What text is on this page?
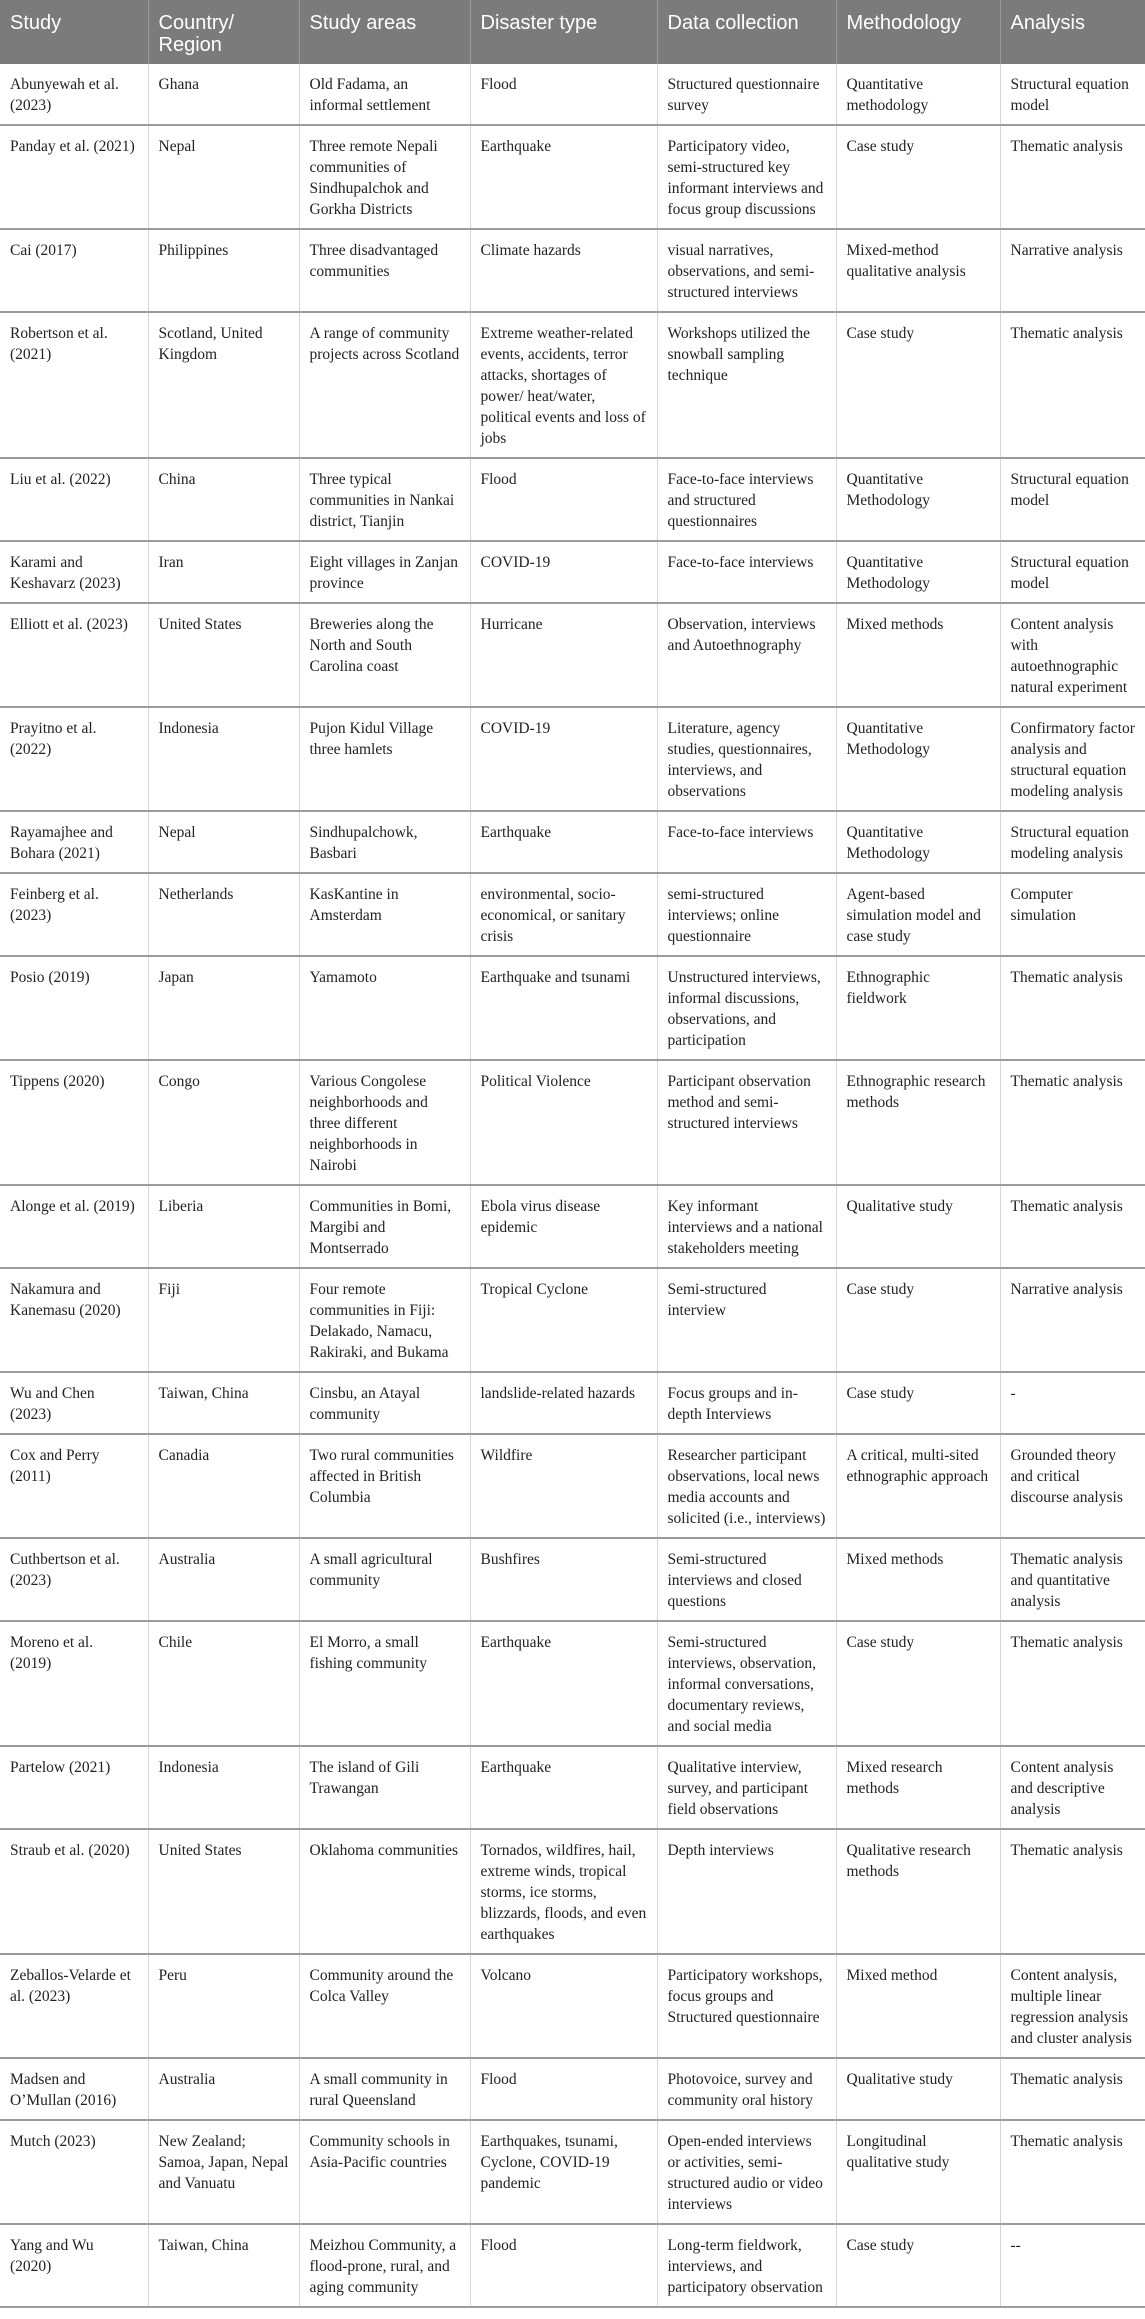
Study	Country/ Region	Study areas	Disaster type	Data collection	Methodology	Analysis
Abunyewah et al. (2023)	Ghana	Old Fadama, an informal settlement	Flood	Structured questionnaire survey	Quantitative methodology	Structural equation model
Panday et al. (2021)	Nepal	Three remote Nepali communities of Sindhupalchok and Gorkha Districts	Earthquake	Participatory video, semi-structured key informant interviews and focus group discussions	Case study	Thematic analysis
Cai (2017)	Philippines	Three disadvantaged communities	Climate hazards	visual narratives, observations, and semi-structured interviews	Mixed-method qualitative analysis	Narrative analysis
Robertson et al. (2021)	Scotland, United Kingdom	A range of community projects across Scotland	Extreme weather-related events, accidents, terror attacks, shortages of power/ heat/water, political events and loss of jobs	Workshops utilized the snowball sampling technique	Case study	Thematic analysis
Liu et al. (2022)	China	Three typical communities in Nankai district, Tianjin	Flood	Face-to-face interviews and structured questionnaires	Quantitative Methodology	Structural equation model
Karami and Keshavarz (2023)	Iran	Eight villages in Zanjan province	COVID-19	Face-to-face interviews	Quantitative Methodology	Structural equation model
Elliott et al. (2023)	United States	Breweries along the North and South Carolina coast	Hurricane	Observation, interviews and Autoethnography	Mixed methods	Content analysis with autoethnographic natural experiment
Prayitno et al. (2022)	Indonesia	Pujon Kidul Village three hamlets	COVID-19	Literature, agency studies, questionnaires, interviews, and observations	Quantitative Methodology	Confirmatory factor analysis and structural equation modeling analysis
Rayamajhee and Bohara (2021)	Nepal	Sindhupalchowk, Basbari	Earthquake	Face-to-face interviews	Quantitative Methodology	Structural equation modeling analysis
Feinberg et al. (2023)	Netherlands	KasKantine in Amsterdam	environmental, socio-economical, or sanitary crisis	semi-structured interviews; online questionnaire	Agent-based simulation model and case study	Computer simulation
Posio (2019)	Japan	Yamamoto	Earthquake and tsunami	Unstructured interviews, informal discussions, observations, and participation	Ethnographic fieldwork	Thematic analysis
Tippens (2020)	Congo	Various Congolese neighborhoods and three different neighborhoods in Nairobi	Political Violence	Participant observation method and semi-structured interviews	Ethnographic research methods	Thematic analysis
Alonge et al. (2019)	Liberia	Communities in Bomi, Margibi and Montserrado	Ebola virus disease epidemic	Key informant interviews and a national stakeholders meeting	Qualitative study	Thematic analysis
Nakamura and Kanemasu (2020)	Fiji	Four remote communities in Fiji: Delakado, Namacu, Rakiraki, and Bukama	Tropical Cyclone	Semi-structured interview	Case study	Narrative analysis
Wu and Chen (2023)	Taiwan, China	Cinsbu, an Atayal community	landslide-related hazards	Focus groups and in-depth Interviews	Case study	-
Cox and Perry (2011)	Canadia	Two rural communities affected in British Columbia	Wildfire	Researcher participant observations, local news media accounts and solicited (i.e., interviews)	A critical, multi-sited ethnographic approach	Grounded theory and critical discourse analysis
Cuthbertson et al. (2023)	Australia	A small agricultural community	Bushfires	Semi-structured interviews and closed questions	Mixed methods	Thematic analysis and quantitative analysis
Moreno et al. (2019)	Chile	El Morro, a small fishing community	Earthquake	Semi-structured interviews, observation, informal conversations, documentary reviews, and social media	Case study	Thematic analysis
Partelow (2021)	Indonesia	The island of Gili Trawangan	Earthquake	Qualitative interview, survey, and participant field observations	Mixed research methods	Content analysis and descriptive analysis
Straub et al. (2020)	United States	Oklahoma communities	Tornados, wildfires, hail, extreme winds, tropical storms, ice storms, blizzards, floods, and even earthquakes	Depth interviews	Qualitative research methods	Thematic analysis
Zeballos-Velarde et al. (2023)	Peru	Community around the Colca Valley	Volcano	Participatory workshops, focus groups and Structured questionnaire	Mixed method	Content analysis, multiple linear regression analysis and cluster analysis
Madsen and O’Mullan (2016)	Australia	A small community in rural Queensland	Flood	Photovoice, survey and community oral history	Qualitative study	Thematic analysis
Mutch (2023)	New Zealand; Samoa, Japan, Nepal and Vanuatu	Community schools in Asia-Pacific countries	Earthquakes, tsunami, Cyclone, COVID-19 pandemic	Open-ended interviews or activities, semi-structured audio or video interviews	Longitudinal qualitative study	Thematic analysis
Yang and Wu (2020)	Taiwan, China	Meizhou Community, a flood-prone, rural, and aging community	Flood	Long-term fieldwork, interviews, and participatory observation	Case study	--
